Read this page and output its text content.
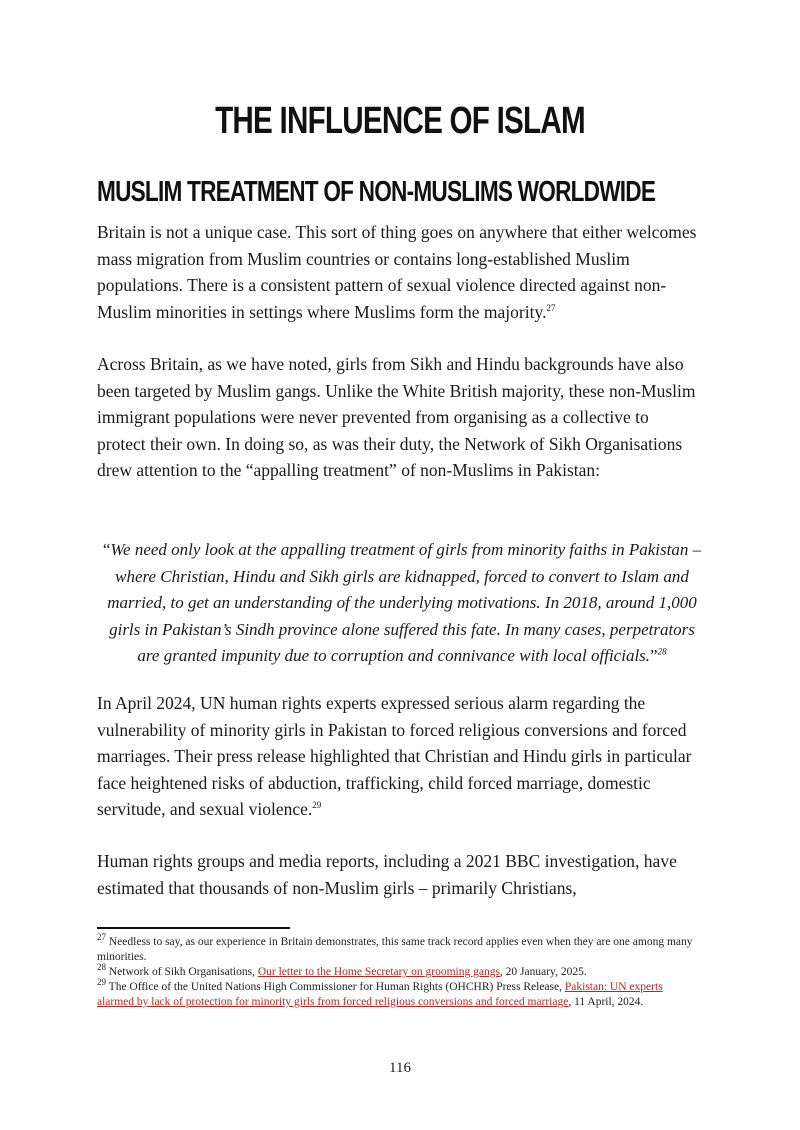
THE INFLUENCE OF ISLAM
MUSLIM TREATMENT OF NON-MUSLIMS WORLDWIDE
Britain is not a unique case. This sort of thing goes on anywhere that either welcomes mass migration from Muslim countries or contains long-established Muslim populations. There is a consistent pattern of sexual violence directed against non-Muslim minorities in settings where Muslims form the majority.$^{27}$
Across Britain, as we have noted, girls from Sikh and Hindu backgrounds have also been targeted by Muslim gangs. Unlike the White British majority, these non-Muslim immigrant populations were never prevented from organising as a collective to protect their own. In doing so, as was their duty, the Network of Sikh Organisations drew attention to the “appalling treatment” of non-Muslims in Pakistan:
“We need only look at the appalling treatment of girls from minority faiths in Pakistan – where Christian, Hindu and Sikh girls are kidnapped, forced to convert to Islam and married, to get an understanding of the underlying motivations. In 2018, around 1,000 girls in Pakistan’s Sindh province alone suffered this fate. In many cases, perpetrators are granted impunity due to corruption and connivance with local officials.”$^{28}$
In April 2024, UN human rights experts expressed serious alarm regarding the vulnerability of minority girls in Pakistan to forced religious conversions and forced marriages. Their press release highlighted that Christian and Hindu girls in particular face heightened risks of abduction, trafficking, child forced marriage, domestic servitude, and sexual violence.$^{29}$
Human rights groups and media reports, including a 2021 BBC investigation, have estimated that thousands of non-Muslim girls – primarily Christians,

$^{27}$ Needless to say, as our experience in Britain demonstrates, this same track record applies even when they are one among many minorities.

$^{28}$ Network of Sikh Organisations, Our letter to the Home Secretary on grooming gangs, 20 January, 2025.

$^{29}$ The Office of the United Nations High Commissioner for Human Rights (OHCHR) Press Release, Pakistan: UN experts alarmed by lack of protection for minority girls from forced religious conversions and forced marriage, 11 April, 2024.

116
